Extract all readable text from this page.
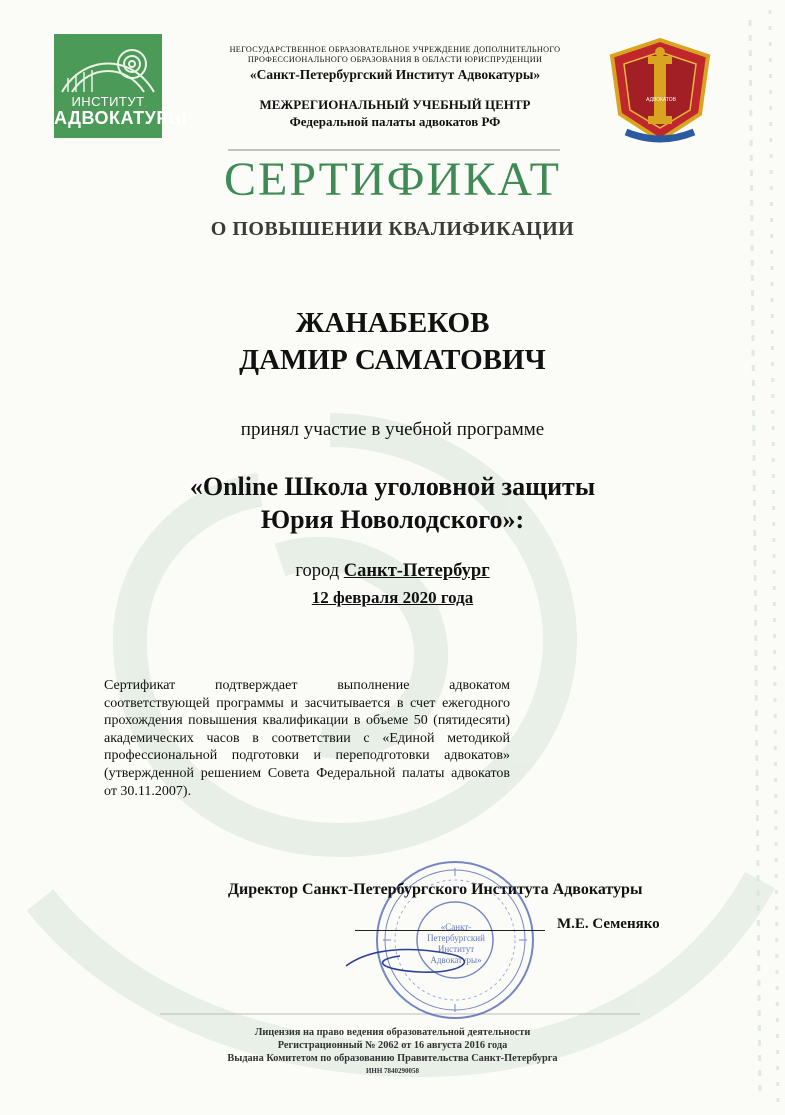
ИНСТИТУТ
АДВОКАТУРЫ
АДВОКАТОВ
НЕГОСУДАРСТВЕННОЕ ОБРАЗОВАТЕЛЬНОЕ УЧРЕЖДЕНИЕ ДОПОЛНИТЕЛЬНОГО
ПРОФЕССИОНАЛЬНОГО ОБРАЗОВАНИЯ В ОБЛАСТИ ЮРИСПРУДЕНЦИИ
«Санкт-Петербургский Институт Адвокатуры»
МЕЖРЕГИОНАЛЬНЫЙ УЧЕБНЫЙ ЦЕНТР
Федеральной палаты адвокатов РФ
СЕРТИФИКАТ
О ПОВЫШЕНИИ КВАЛИФИКАЦИИ
ЖАНАБЕКОВ
ДАМИР САМАТОВИЧ
принял участие в учебной программе
«Online Школа уголовной защиты
Юрия Новолодского»:
город Санкт-Петербург
12 февраля 2020 года
Сертификат подтверждает выполнение адвокатом
соответствующей программы и засчитывается в счет ежегодного
прохождения повышения квалификации в объеме 50 (пятидесяти)
академических часов в соответствии с «Единой методикой
профессиональной подготовки и переподготовки адвокатов»
(утвержденной решением Совета Федеральной палаты адвокатов
от 30.11.2007).
«Санкт-
Петербургский
Институт
Адвокатуры»
Директор Санкт-Петербургского Института Адвокатуры
М.Е. Семеняко
Лицензия на право ведения образовательной деятельности
Регистрационный № 2062 от 16 августа 2016 года
Выдана Комитетом по образованию Правительства Санкт-Петербурга
ИНН 7840290058
